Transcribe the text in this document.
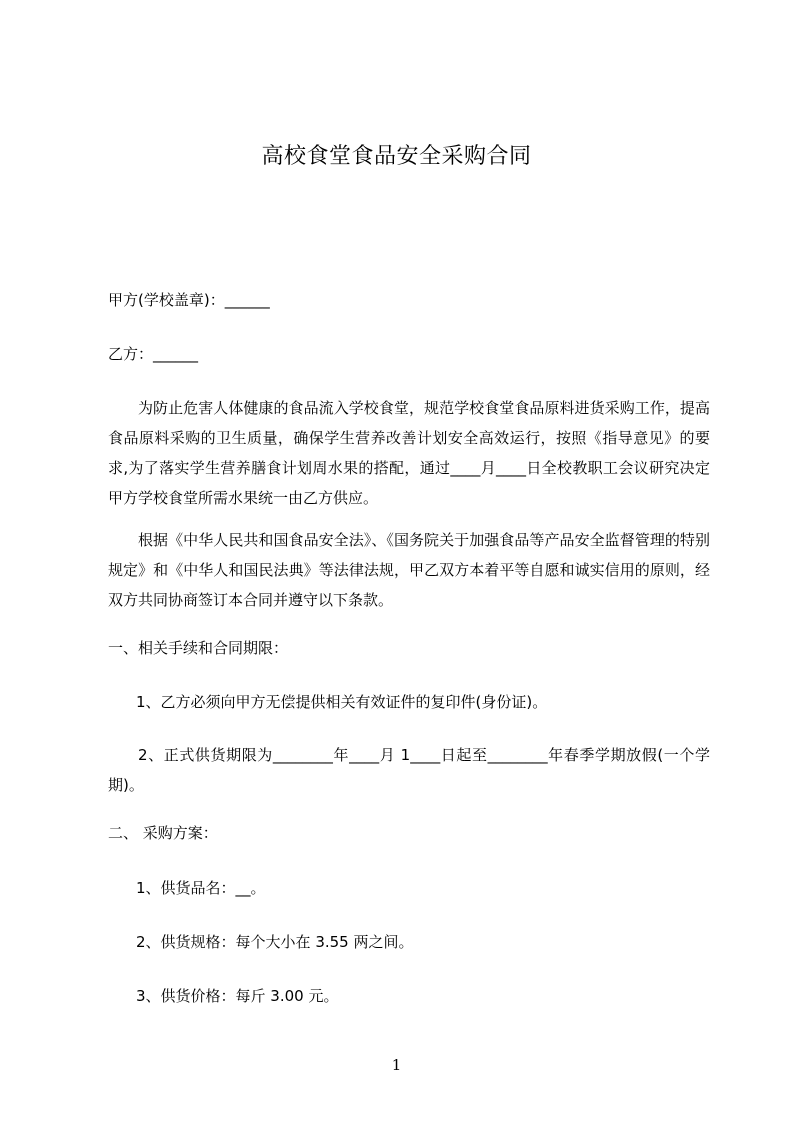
高校食堂食品安全采购合同
甲方(学校盖章)：______
乙方：______
为防止危害人体健康的食品流入学校食堂，规范学校食堂食品原料进货采购工作，提高食品原料采购的卫生质量，确保学生营养改善计划安全高效运行，按照《指导意见》的要求,为了落实学生营养膳食计划周水果的搭配，通过____月____日全校教职工会议研究决定甲方学校食堂所需水果统一由乙方供应。
根据《中华人民共和国食品安全法》、《国务院关于加强食品等产品安全监督管理的特别规定》和《中华人和国民法典》等法律法规，甲乙双方本着平等自愿和诚实信用的原则，经双方共同协商签订本合同并遵守以下条款。
一、相关手续和合同期限：
1、乙方必须向甲方无偿提供相关有效证件的复印件(身份证)。
2、正式供货期限为________年____月 1____日起至________年春季学期放假(一个学期)。
二、 采购方案：
1、供货品名：__。
2、供货规格：每个大小在 3.55 两之间。
3、供货价格：每斤 3.00 元。
1
